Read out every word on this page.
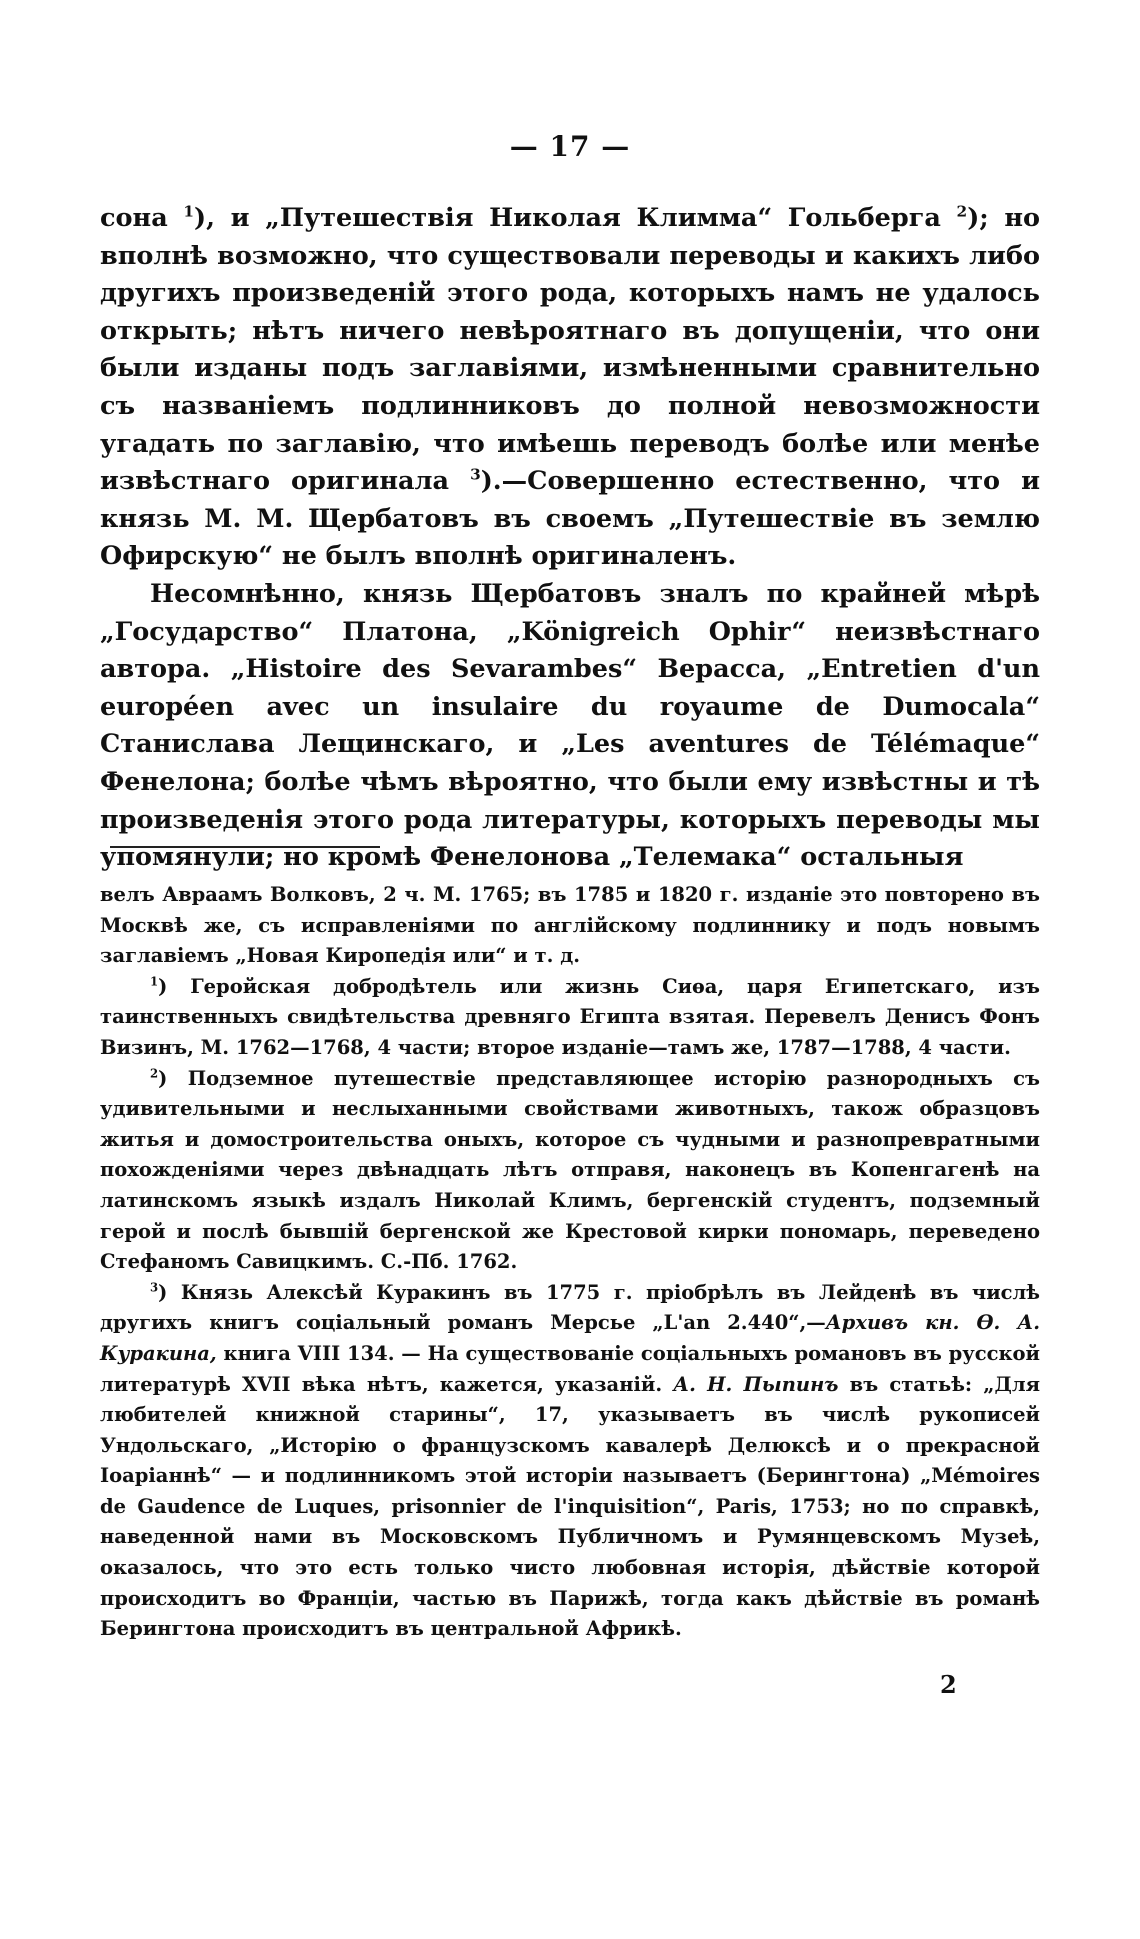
— 17 —

сона $^1$), и „Путешествія Николая Климма“ Гольберга $^2$); но вполнѣ возможно, что существовали переводы и какихъ либо другихъ произведеній этого рода, которыхъ намъ не удалось открыть; нѣтъ ничего невѣроятнаго въ допущеніи, что они были изданы подъ заглавіями, измѣненными сравнительно съ названіемъ подлинниковъ до полной невозможности угадать по заглавію, что имѣешь переводъ болѣе или менѣе извѣстнаго оригинала $^3$).—Совершенно естественно, что и князь М. М. Щербатовъ въ своемъ „Путешествіе въ землю Офирскую“ не былъ вполнѣ оригиналенъ.

Несомнѣнно, князь Щербатовъ зналъ по крайней мѣрѣ „Государство“ Платона, „Königreich Ophir“ неизвѣстнаго автора. „Histoire des Sevarambes“ Верасса, „Entretien d'un européen avec un insulaire du royaume de Dumocala“ Станислава Лещинскаго, и „Les aventures de Télémaque“ Фенелона; болѣе чѣмъ вѣроятно, что были ему извѣстны и тѣ произведенія этого рода литературы, которыхъ переводы мы упомянули; но кромѣ Фенелонова „Телемака“ остальныя

велъ Авраамъ Волковъ, 2 ч. М. 1765; въ 1785 и 1820 г. изданіе это повторено въ Москвѣ же, съ исправленіями по англійскому подлиннику и подъ новымъ заглавіемъ „Новая Киропедія или“ и т. д.

$^1$) Геройская добродѣтель или жизнь Сиѳа, царя Египетскаго, изъ таинственныхъ свидѣтельства древняго Египта взятая. Перевелъ Денисъ Фонъ Визинъ, М. 1762—1768, 4 части; второе изданіе—тамъ же, 1787—1788, 4 части.

$^2$) Подземное путешествіе представляющее исторію разнородныхъ съ удивительными и неслыханными свойствами животныхъ, також образцовъ житья и домостроительства оныхъ, которое съ чудными и разнопревратными похожденіями через двѣнадцать лѣтъ отправя, наконецъ въ Копенгагенѣ на латинскомъ языкѣ издалъ Николай Климъ, бергенскій студентъ, подземный герой и послѣ бывшій бергенской же Крестовой кирки пономарь, переведено Стефаномъ Савицкимъ. С.-Пб. 1762.

$^3$) Князь Алексѣй Куракинъ въ 1775 г. пріобрѣлъ въ Лейденѣ въ числѣ другихъ книгъ соціальный романъ Мерсье „L'an 2.440“,—Архивъ кн. Ѳ. А. Куракина, книга VIII 134. — На существованіе соціальныхъ романовъ въ русской литературѣ XVII вѣка нѣтъ, кажется, указаній. А. Н. Пыпинъ въ статьѣ: „Для любителей книжной старины“, 17, указываетъ въ числѣ рукописей Ундольскаго, „Исторію о французскомъ кавалерѣ Делюксѣ и о прекрасной Іоаріаннѣ“ — и подлинникомъ этой исторіи называетъ (Берингтона) „Mémoires de Gaudence de Luques, prisonnier de l'inquisition“, Paris, 1753; но по справкѣ, наведенной нами въ Московскомъ Публичномъ и Румянцевскомъ Музеѣ, оказалось, что это есть только чисто любовная исторія, дѣйствіе которой происходитъ во Франціи, частью въ Парижѣ, тогда какъ дѣйствіе въ романѣ Берингтона происходитъ въ центральной Африкѣ.

2
